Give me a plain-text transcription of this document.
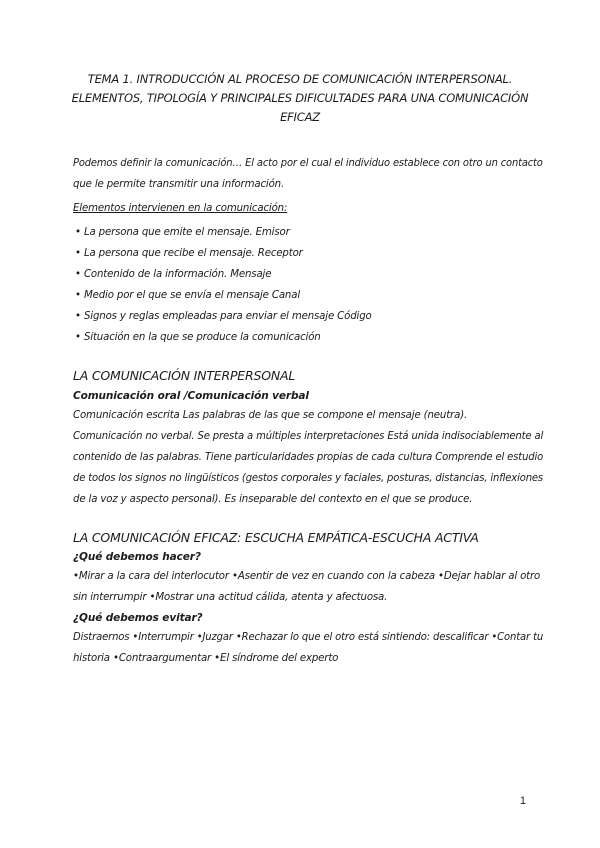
TEMA 1. INTRODUCCIÓN AL PROCESO DE COMUNICACIÓN INTERPERSONAL.
ELEMENTOS, TIPOLOGÍA Y PRINCIPALES DIFICULTADES PARA UNA COMUNICACIÓN
EFICAZ
Podemos definir la comunicación… El acto por el cual el individuo establece con otro un contacto
que le permite transmitir una información.
Elementos intervienen en la comunicación:
• La persona que emite el mensaje. Emisor
• La persona que recibe el mensaje. Receptor
• Contenido de la información. Mensaje
• Medio por el que se envía el mensaje Canal
• Signos y reglas empleadas para enviar el mensaje Código
• Situación en la que se produce la comunicación
LA COMUNICACIÓN INTERPERSONAL
Comunicación oral /Comunicación verbal
Comunicación escrita Las palabras de las que se compone el mensaje (neutra).
Comunicación no verbal. Se presta a múltiples interpretaciones Está unida indisociablemente al
contenido de las palabras. Tiene particularidades propias de cada cultura Comprende el estudio
de todos los signos no lingüísticos (gestos corporales y faciales, posturas, distancias, inflexiones
de la voz y aspecto personal). Es inseparable del contexto en el que se produce.
LA COMUNICACIÓN EFICAZ: ESCUCHA EMPÁTICA-ESCUCHA ACTIVA
¿Qué debemos hacer?
•Mirar a la cara del interlocutor •Asentir de vez en cuando con la cabeza •Dejar hablar al otro
sin interrumpir •Mostrar una actitud cálida, atenta y afectuosa.
¿Qué debemos evitar?
Distraernos •Interrumpir •Juzgar •Rechazar lo que el otro está sintiendo: descalificar •Contar tu
historia •Contraargumentar •El síndrome del experto
1
